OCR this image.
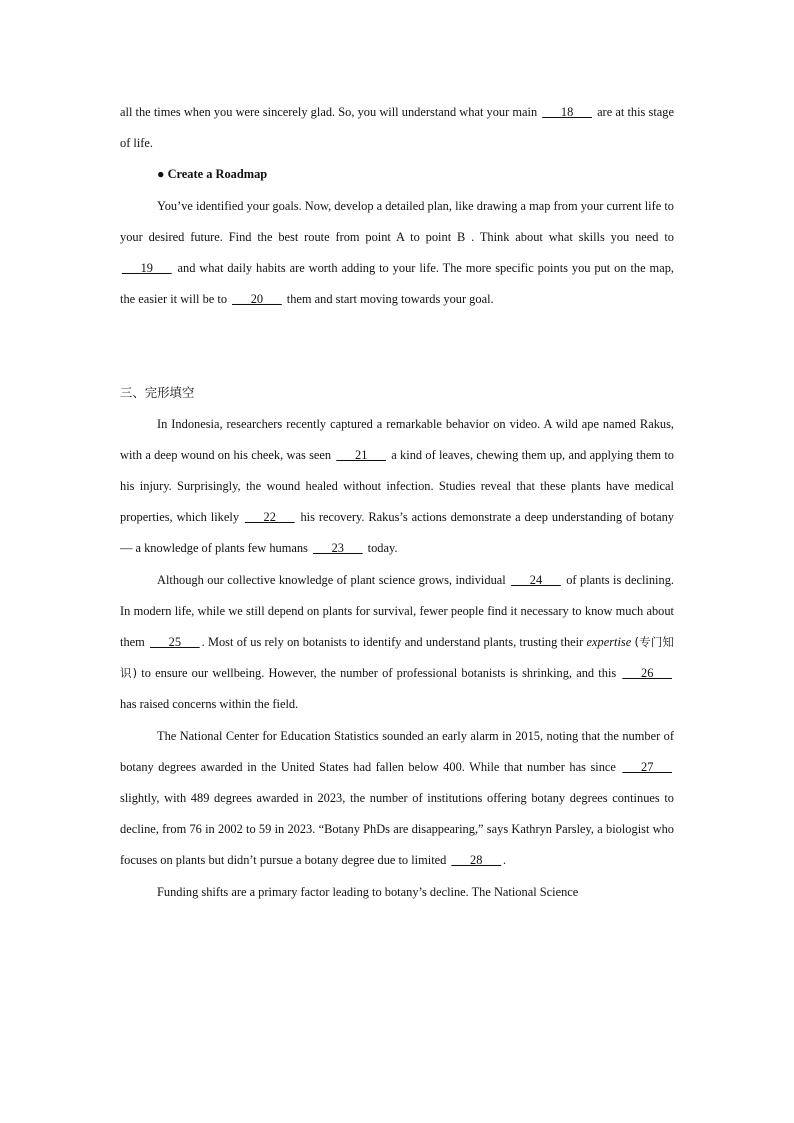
all the times when you were sincerely glad. So, you will understand what your main ___18___ are at this stage of life.

● Create a Roadmap

You’ve identified your goals. Now, develop a detailed plan, like drawing a map from your current life to your desired future. Find the best route from point A to point B . Think about what skills you need to ___19___ and what daily habits are worth adding to your life. The more specific points you put on the map, the easier it will be to ___20___ them and start moving towards your goal.

三、完形填空

In Indonesia, researchers recently captured a remarkable behavior on video. A wild ape named Rakus, with a deep wound on his cheek, was seen ___21___ a kind of leaves, chewing them up, and applying them to his injury. Surprisingly, the wound healed without infection. Studies reveal that these plants have medical properties, which likely ___22___ his recovery. Rakus’s actions demonstrate a deep understanding of botany — a knowledge of plants few humans ___23___ today.

Although our collective knowledge of plant science grows, individual ___24___ of plants is declining. In modern life, while we still depend on plants for survival, fewer people find it necessary to know much about them ___25___ . Most of us rely on botanists to identify and understand plants, trusting their expertise (专门知识) to ensure our wellbeing. However, the number of professional botanists is shrinking, and this ___26___ has raised concerns within the field.

The National Center for Education Statistics sounded an early alarm in 2015, noting that the number of botany degrees awarded in the United States had fallen below 400. While that number has since ___27___ slightly, with 489 degrees awarded in 2023, the number of institutions offering botany degrees continues to decline, from 76 in 2002 to 59 in 2023. “Botany PhDs are disappearing,” says Kathryn Parsley, a biologist who focuses on plants but didn’t pursue a botany degree due to limited ___28___ .

Funding shifts are a primary factor leading to botany’s decline. The National Science
